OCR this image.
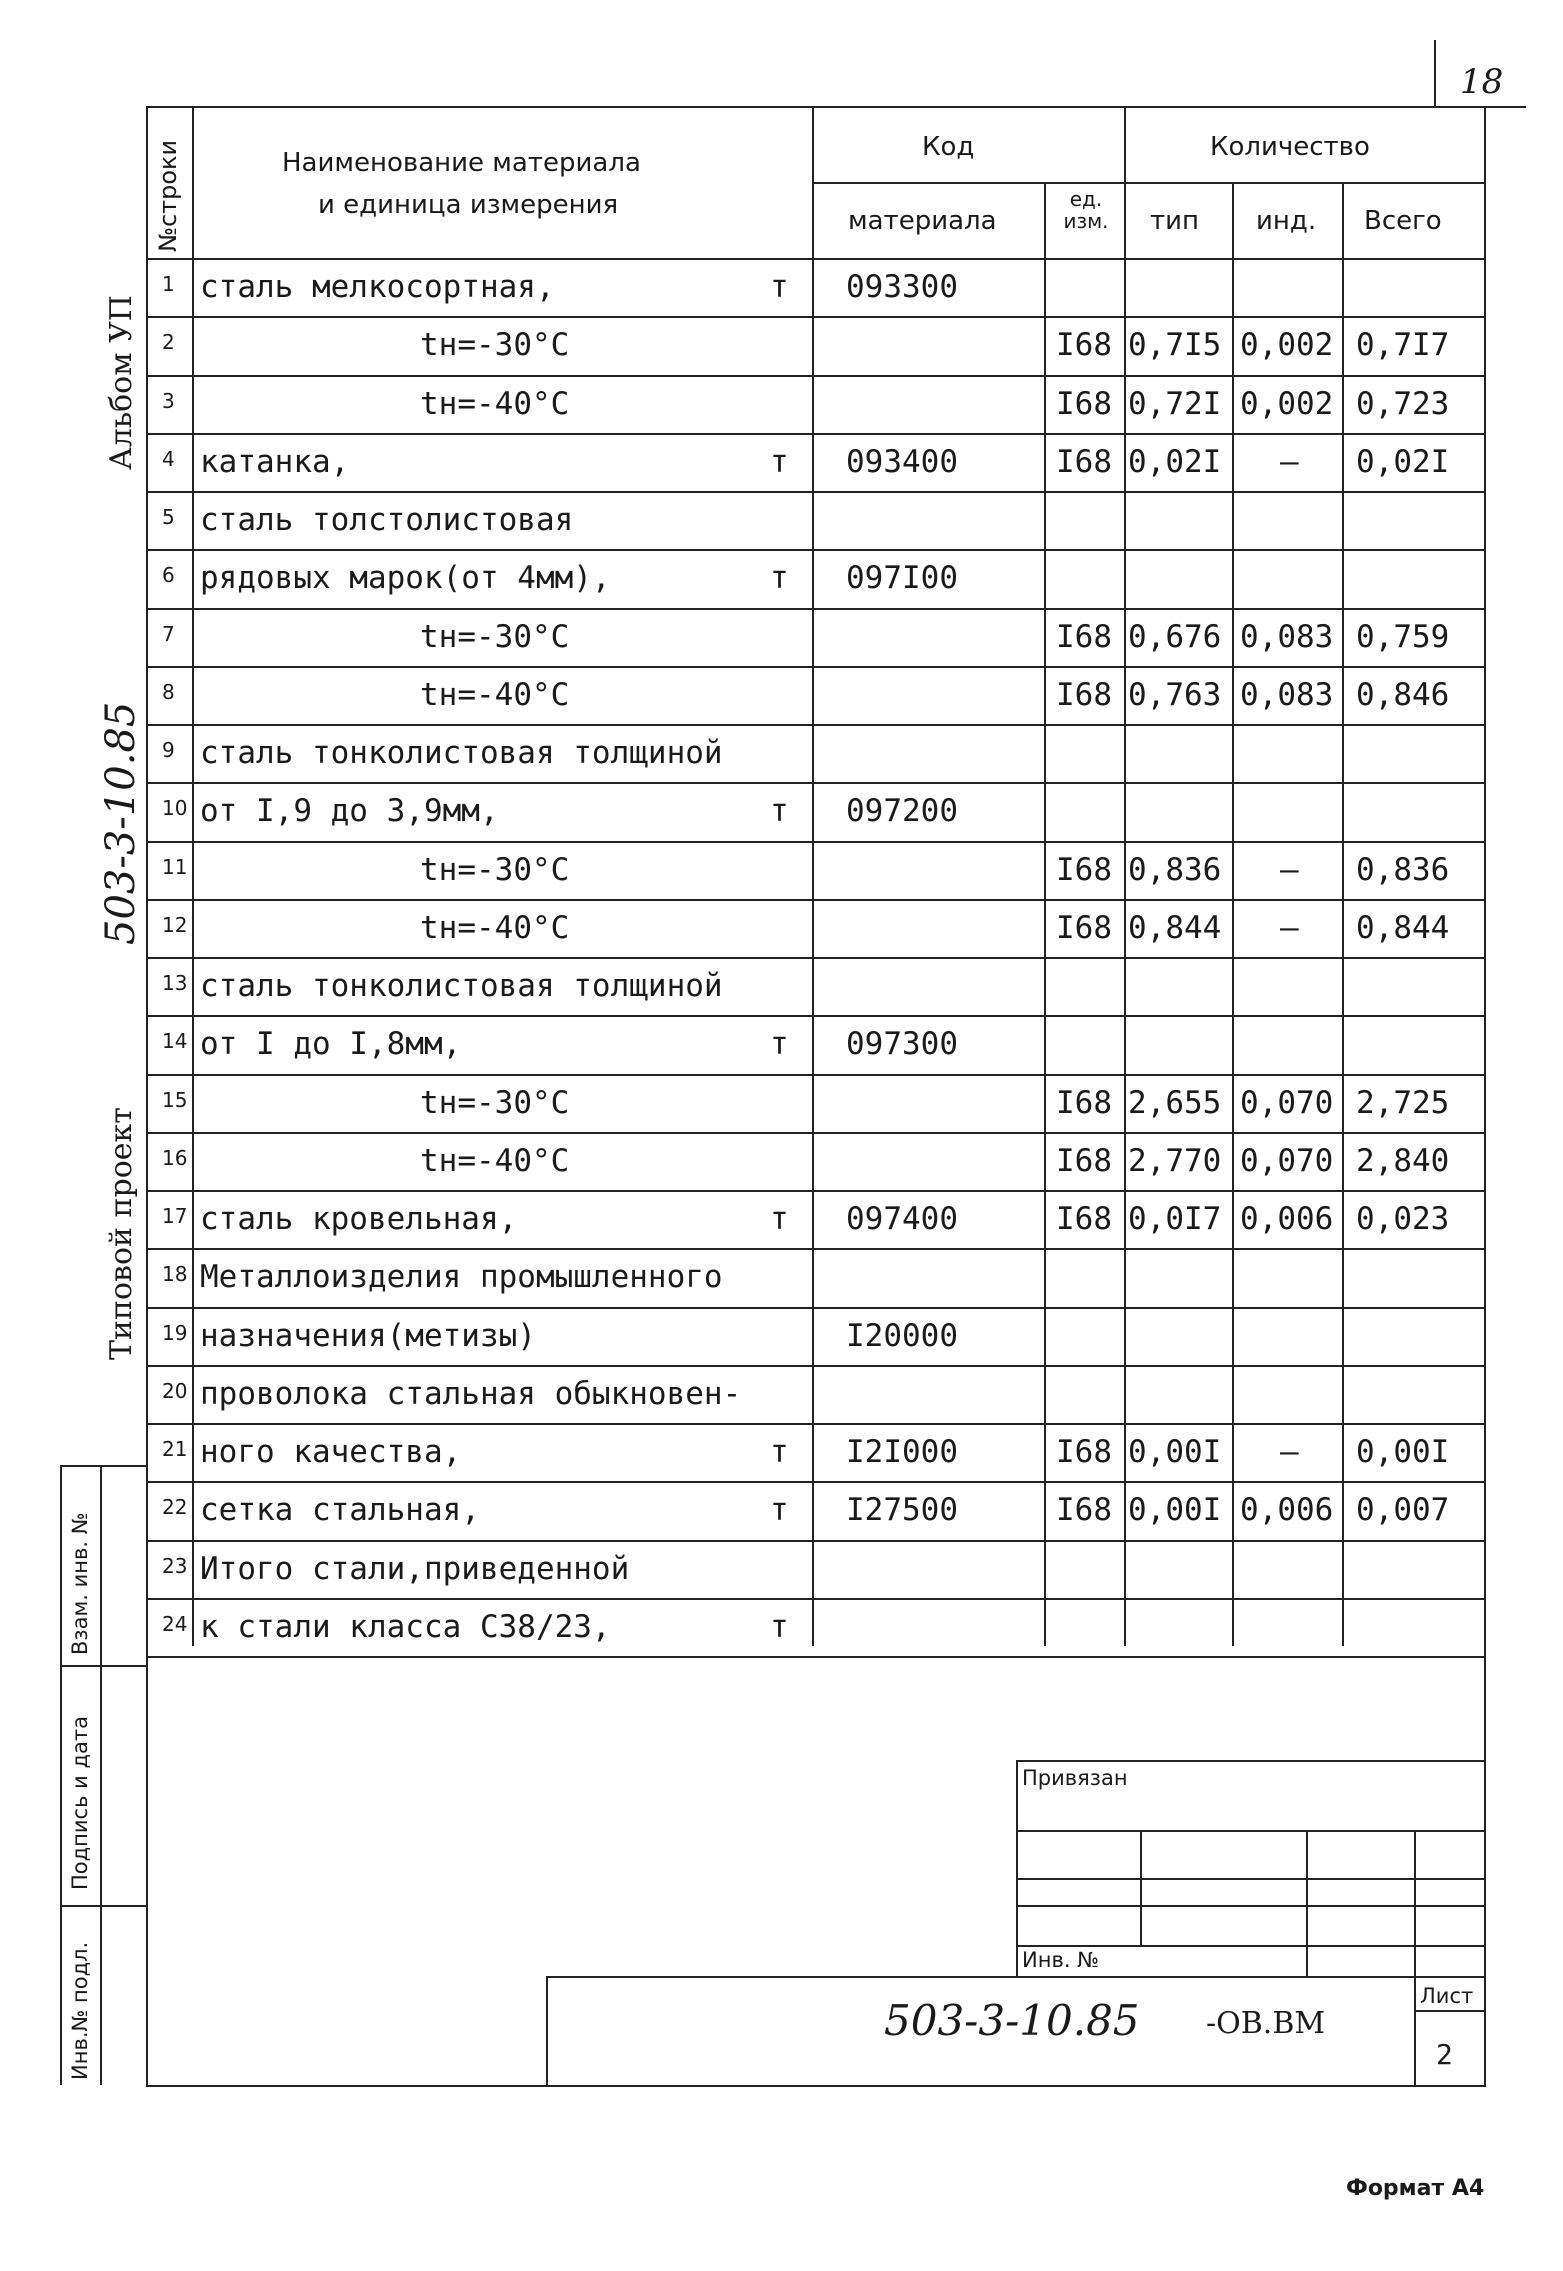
18
№строки	Наименование материала
и единица измерения
Код	Количество
материала
ед. изм.	тип инд. Всего
1 сталь мелкосортная,	т 093300
2	tн=-30°С	I68 0,7I5 0,002 0,7I7
3	tн=-40°С	I68 0,72I 0,002 0,723
4 катанка,	т 093400	I68 0,02I – 0,02I
5 сталь толстолистовая
6 рядовых марок(от 4мм),	т 097I00
7	tн=-30°С	I68 0,676 0,083 0,759
8	tн=-40°С	I68 0,763 0,083 0,846
9 сталь тонколистовая толщиной
10 от I,9 до 3,9мм,	т 097200
11	tн=-30°С	I68 0,836 – 0,836
12	tн=-40°С	I68 0,844 – 0,844
13 сталь тонколистовая толщиной
14 от I до I,8мм,	т 097300
15	tн=-30°С	I68 2,655 0,070 2,725
16	tн=-40°С	I68 2,770 0,070 2,840
17 сталь кровельная,	т 097400	I68 0,0I7 0,006 0,023
18 Металлоизделия промышленного
19 назначения(метизы)	I20000
20 проволока стальная обыкновен-
21 ного качества,	т I2I000	I68 0,00I – 0,00I
22 сетка стальная,	т I27500	I68 0,00I 0,006 0,007
23 Итого стали,приведенной
24 к стали класса С38/23,	т
Альбом УП
503-3-10.85
Типовой проект
Взам. инв. №
Подпись и дата
Инв.№ подл.
Привязан
Инв. №
503-3-10.85 -ОВ.ВМ
Лист
2
Формат А4
